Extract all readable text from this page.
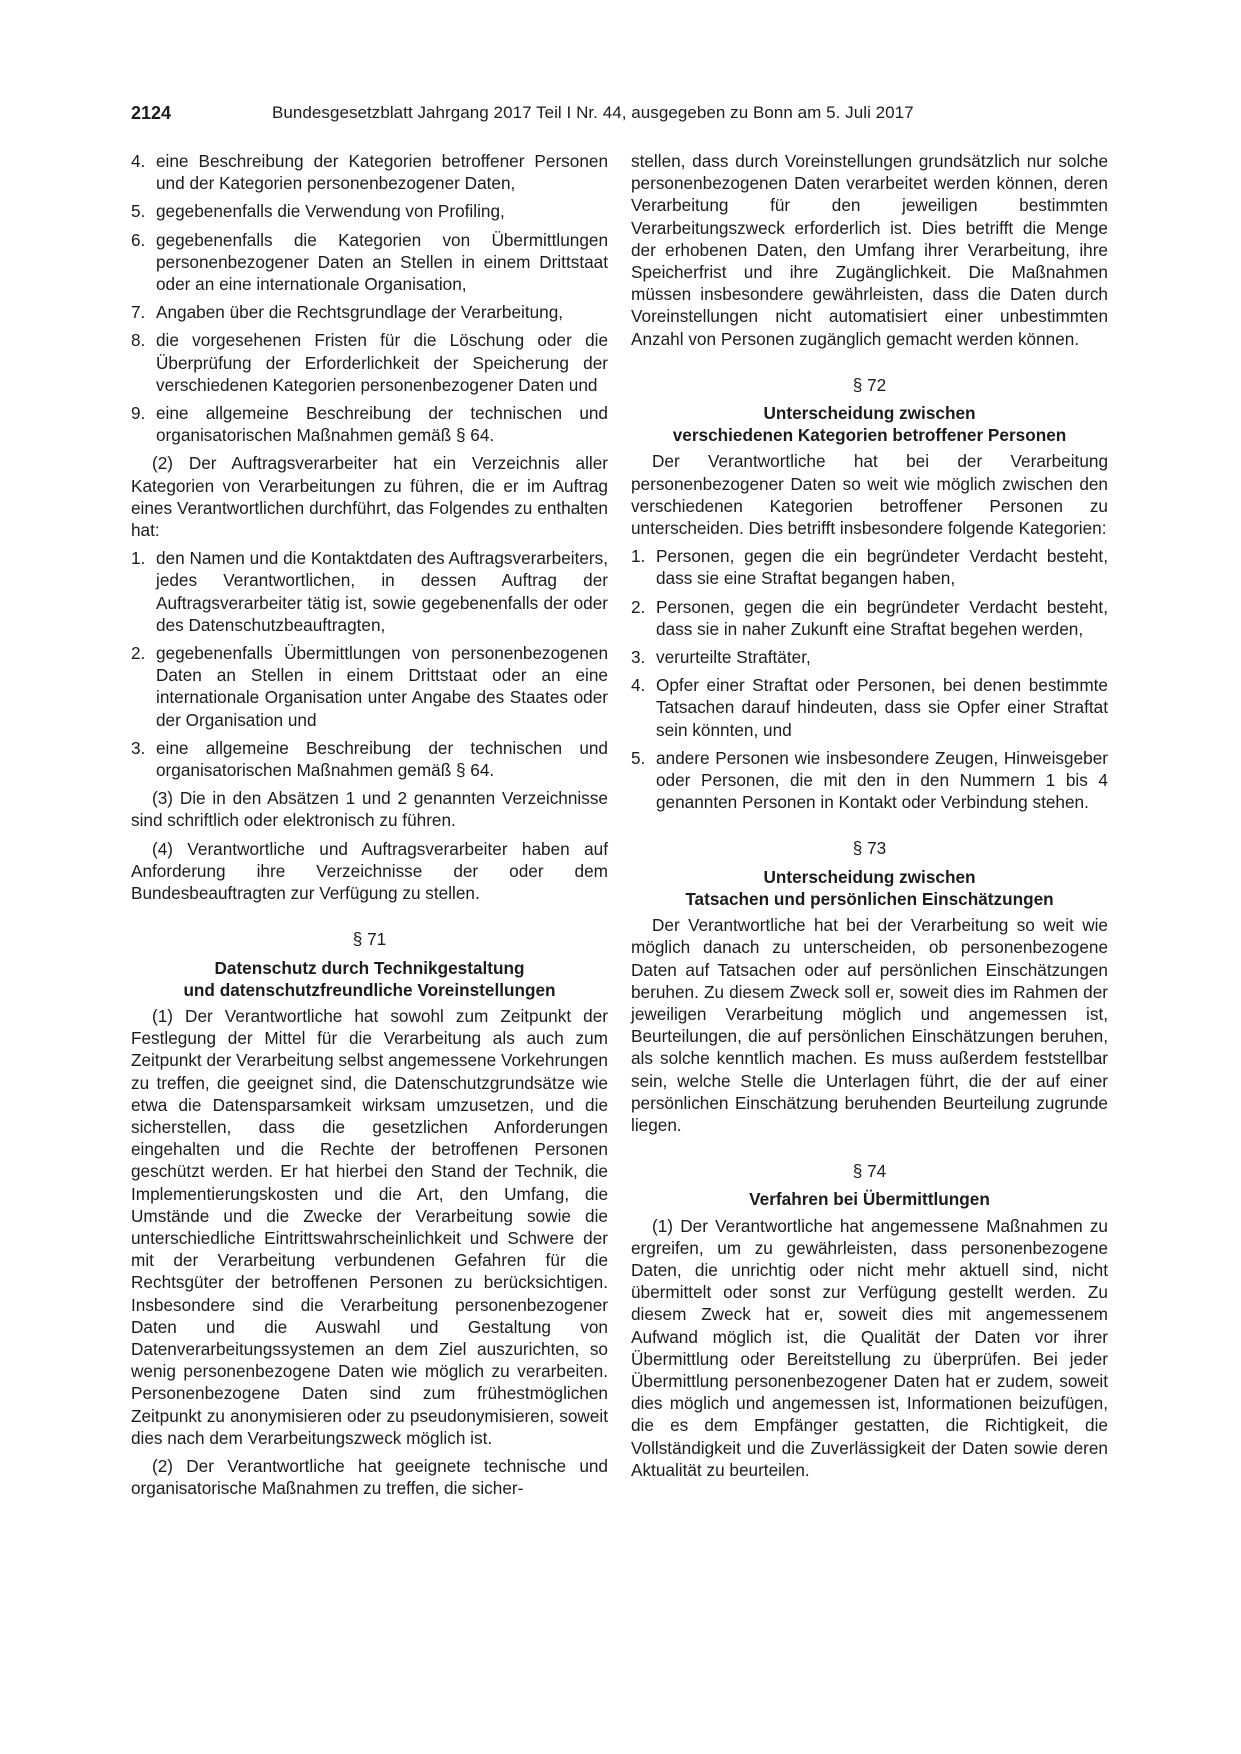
2124	Bundesgesetzblatt Jahrgang 2017 Teil I Nr. 44, ausgegeben zu Bonn am 5. Juli 2017
4. eine Beschreibung der Kategorien betroffener Personen und der Kategorien personenbezogener Daten,
5. gegebenenfalls die Verwendung von Profiling,
6. gegebenenfalls die Kategorien von Übermittlungen personenbezogener Daten an Stellen in einem Drittstaat oder an eine internationale Organisation,
7. Angaben über die Rechtsgrundlage der Verarbeitung,
8. die vorgesehenen Fristen für die Löschung oder die Überprüfung der Erforderlichkeit der Speicherung der verschiedenen Kategorien personenbezogener Daten und
9. eine allgemeine Beschreibung der technischen und organisatorischen Maßnahmen gemäß § 64.

(2) Der Auftragsverarbeiter hat ein Verzeichnis aller Kategorien von Verarbeitungen zu führen, die er im Auftrag eines Verantwortlichen durchführt, das Folgendes zu enthalten hat:

1. den Namen und die Kontaktdaten des Auftragsverarbeiters, jedes Verantwortlichen, in dessen Auftrag der Auftragsverarbeiter tätig ist, sowie gegebenenfalls der oder des Datenschutzbeauftragten,
2. gegebenenfalls Übermittlungen von personenbezogenen Daten an Stellen in einem Drittstaat oder an eine internationale Organisation unter Angabe des Staates oder der Organisation und
3. eine allgemeine Beschreibung der technischen und organisatorischen Maßnahmen gemäß § 64.

(3) Die in den Absätzen 1 und 2 genannten Verzeichnisse sind schriftlich oder elektronisch zu führen.

(4) Verantwortliche und Auftragsverarbeiter haben auf Anforderung ihre Verzeichnisse der oder dem Bundesbeauftragten zur Verfügung zu stellen.

§ 71
Datenschutz durch Technikgestaltung
und datenschutzfreundliche Voreinstellungen

(1) Der Verantwortliche hat sowohl zum Zeitpunkt der Festlegung der Mittel für die Verarbeitung als auch zum Zeitpunkt der Verarbeitung selbst angemessene Vorkehrungen zu treffen, die geeignet sind, die Datenschutzgrundsätze wie etwa die Datensparsamkeit wirksam umzusetzen, und die sicherstellen, dass die gesetzlichen Anforderungen eingehalten und die Rechte der betroffenen Personen geschützt werden. Er hat hierbei den Stand der Technik, die Implementierungskosten und die Art, den Umfang, die Umstände und die Zwecke der Verarbeitung sowie die unterschiedliche Eintrittswahrscheinlichkeit und Schwere der mit der Verarbeitung verbundenen Gefahren für die Rechtsgüter der betroffenen Personen zu berücksichtigen. Insbesondere sind die Verarbeitung personenbezogener Daten und die Auswahl und Gestaltung von Datenverarbeitungssystemen an dem Ziel auszurichten, so wenig personenbezogene Daten wie möglich zu verarbeiten. Personenbezogene Daten sind zum frühestmöglichen Zeitpunkt zu anonymisieren oder zu pseudonymisieren, soweit dies nach dem Verarbeitungszweck möglich ist.

(2) Der Verantwortliche hat geeignete technische und organisatorische Maßnahmen zu treffen, die sicher-

stellen, dass durch Voreinstellungen grundsätzlich nur solche personenbezogenen Daten verarbeitet werden können, deren Verarbeitung für den jeweiligen bestimmten Verarbeitungszweck erforderlich ist. Dies betrifft die Menge der erhobenen Daten, den Umfang ihrer Verarbeitung, ihre Speicherfrist und ihre Zugänglichkeit. Die Maßnahmen müssen insbesondere gewährleisten, dass die Daten durch Voreinstellungen nicht automatisiert einer unbestimmten Anzahl von Personen zugänglich gemacht werden können.

§ 72
Unterscheidung zwischen
verschiedenen Kategorien betroffener Personen

Der Verantwortliche hat bei der Verarbeitung personenbezogener Daten so weit wie möglich zwischen den verschiedenen Kategorien betroffener Personen zu unterscheiden. Dies betrifft insbesondere folgende Kategorien:

1. Personen, gegen die ein begründeter Verdacht besteht, dass sie eine Straftat begangen haben,
2. Personen, gegen die ein begründeter Verdacht besteht, dass sie in naher Zukunft eine Straftat begehen werden,
3. verurteilte Straftäter,
4. Opfer einer Straftat oder Personen, bei denen bestimmte Tatsachen darauf hindeuten, dass sie Opfer einer Straftat sein könnten, und
5. andere Personen wie insbesondere Zeugen, Hinweisgeber oder Personen, die mit den in den Nummern 1 bis 4 genannten Personen in Kontakt oder Verbindung stehen.
§ 73
Unterscheidung zwischen
Tatsachen und persönlichen Einschätzungen

Der Verantwortliche hat bei der Verarbeitung so weit wie möglich danach zu unterscheiden, ob personenbezogene Daten auf Tatsachen oder auf persönlichen Einschätzungen beruhen. Zu diesem Zweck soll er, soweit dies im Rahmen der jeweiligen Verarbeitung möglich und angemessen ist, Beurteilungen, die auf persönlichen Einschätzungen beruhen, als solche kenntlich machen. Es muss außerdem feststellbar sein, welche Stelle die Unterlagen führt, die der auf einer persönlichen Einschätzung beruhenden Beurteilung zugrunde liegen.

§ 74
Verfahren bei Übermittlungen

(1) Der Verantwortliche hat angemessene Maßnahmen zu ergreifen, um zu gewährleisten, dass personenbezogene Daten, die unrichtig oder nicht mehr aktuell sind, nicht übermittelt oder sonst zur Verfügung gestellt werden. Zu diesem Zweck hat er, soweit dies mit angemessenem Aufwand möglich ist, die Qualität der Daten vor ihrer Übermittlung oder Bereitstellung zu überprüfen. Bei jeder Übermittlung personenbezogener Daten hat er zudem, soweit dies möglich und angemessen ist, Informationen beizufügen, die es dem Empfänger gestatten, die Richtigkeit, die Vollständigkeit und die Zuverlässigkeit der Daten sowie deren Aktualität zu beurteilen.
